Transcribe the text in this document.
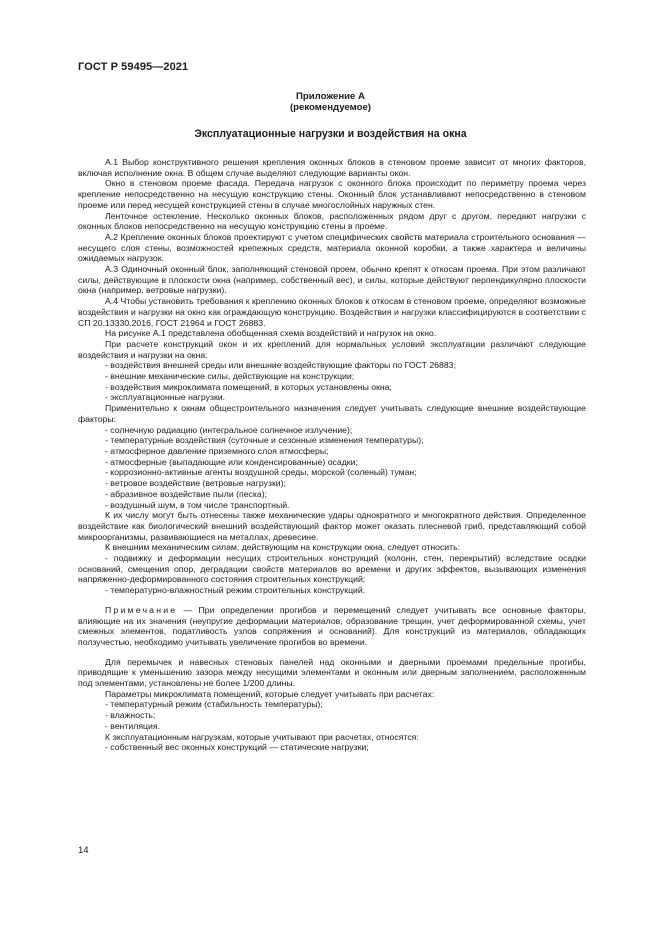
ГОСТ Р 59495—2021
Приложение А
(рекомендуемое)
Эксплуатационные нагрузки и воздействия на окна

А.1 Выбор конструктивного решения крепления оконных блоков в стеновом проеме зависит от многих факторов, включая исполнение окна. В общем случае выделяют следующие варианты окон.

Окно в стеновом проеме фасада. Передача нагрузок с оконного блока происходит по периметру проема через крепление непосредственно на несущую конструкцию стены. Оконный блок устанавливают непосредственно в стеновом проеме или перед несущей конструкцией стены в случае многослойных наружных стен.

Ленточное остекление. Несколько оконных блоков, расположенных рядом друг с другом, передают нагрузки с оконных блоков непосредственно на несущую конструкцию стены в проеме.

А.2 Крепление оконных блоков проектируют с учетом специфических свойств материала строительного основания — несущего слоя стены, возможностей крепежных средств, материала оконной коробки, а также характера и величины ожидаемых нагрузок.

А.3 Одиночный оконный блок, заполняющий стеновой проем, обычно крепят к откосам проема. При этом различают силы, действующие в плоскости окна (например, собственный вес), и силы, которые действуют перпендикулярно плоскости окна (например, ветровые нагрузки).

А.4 Чтобы установить требования к креплению оконных блоков к откосам в стеновом проеме, определяют возможные воздействия и нагрузки на окно как ограждающую конструкцию. Воздействия и нагрузки классифицируются в соответствии с СП 20.13330.2016, ГОСТ 21964 и ГОСТ 26883.

На рисунке А.1 представлена обобщенная схема воздействий и нагрузок на окно.

При расчете конструкций окон и их креплений для нормальных условий эксплуатации различают следующие воздействия и нагрузки на окна:

- воздействия внешней среды или внешние воздействующие факторы по ГОСТ 26883;

- внешние механические силы, действующие на конструкции;

- воздействия микроклимата помещений, в которых установлены окна;

- эксплуатационные нагрузки.

Применительно к окнам общестроительного назначения следует учитывать следующие внешние воздействующие факторы:

- солнечную радиацию (интегральное солнечное излучение);

- температурные воздействия (суточные и сезонные изменения температуры);

- атмосферное давление приземного слоя атмосферы;

- атмосферные (выпадающие или конденсированные) осадки;

- коррозионно-активные агенты воздушной среды, морской (соленый) туман;

- ветровое воздействие (ветровые нагрузки);

- абразивное воздействие пыли (песка);

- воздушный шум, в том числе транспортный.

К их числу могут быть отнесены также механические удары однократного и многократного действия. Определенное воздействие как биологический внешний воздействующий фактор может оказать плесневой гриб, представляющий собой микроорганизмы, развивающиеся на металлах, древесине.

К внешним механическим силам, действующим на конструкции окна, следует относить:

- подвижку и деформации несущих строительных конструкций (колонн, стен, перекрытий) вследствие осадки оснований, смещения опор, деградации свойств материалов во времени и других эффектов, вызывающих изменения напряженно-деформированного состояния строительных конструкций;

- температурно-влажностный режим строительных конструкций.

Примечание — При определении прогибов и перемещений следует учитывать все основные факторы, влияющие на их значения (неупругие деформации материалов, образование трещин, учет деформированной схемы, учет смежных элементов, податливость узлов сопряжения и оснований). Для конструкций из материалов, обладающих ползучестью, необходимо учитывать увеличение прогибов во времени.

Для перемычек и навесных стеновых панелей над оконными и дверными проемами предельные прогибы, приводящие к уменьшению зазора между несущими элементами и оконным или дверным заполнением, расположенным под элементами, установлены не более 1/200 длины.

Параметры микроклимата помещений, которые следует учитывать при расчетах:

- температурный режим (стабильность температуры);

- влажность;

- вентиляция.

К эксплуатационным нагрузкам, которые учитывают при расчетах, относятся:

- собственный вес оконных конструкций — статические нагрузки;

14
